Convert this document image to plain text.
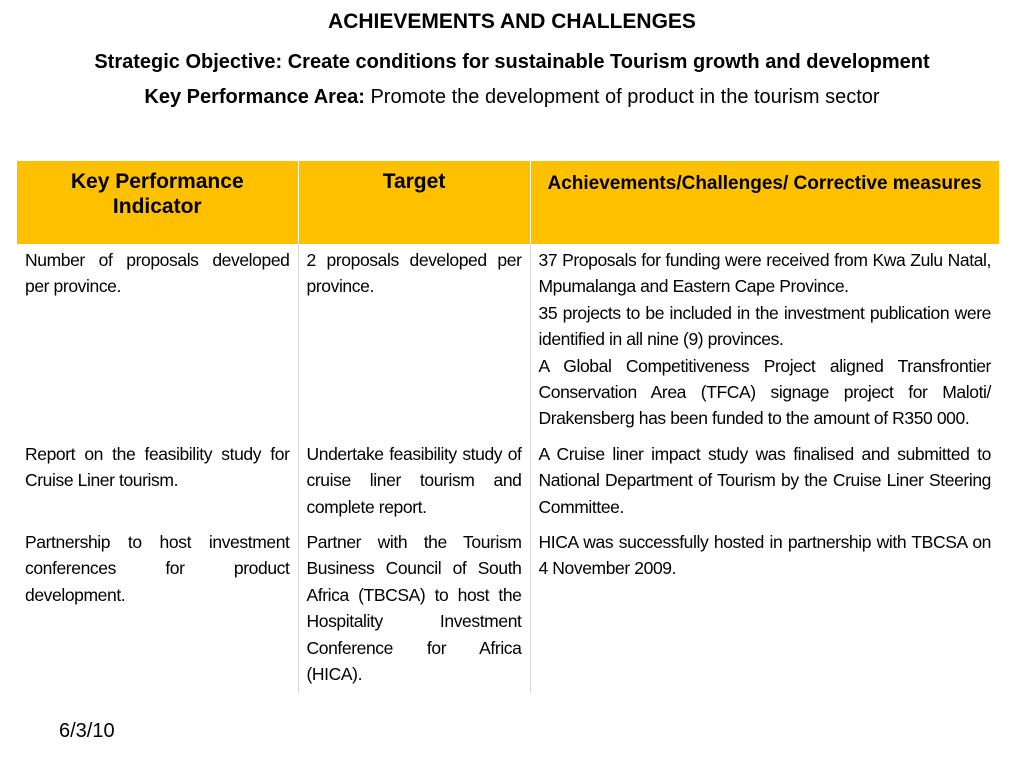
ACHIEVEMENTS AND CHALLENGES
Strategic Objective: Create conditions for sustainable Tourism growth and development
Key Performance Area: Promote the development of product in the tourism sector
Key Performance Indicator	Target	Achievements/Challenges/ Corrective measures
Number of proposals developed per province.	2 proposals developed per province.	37 Proposals for funding were received from Kwa Zulu Natal, Mpumalanga and Eastern Cape Province.

35 projects to be included in the investment publication were identified in all nine (9) provinces.

A Global Competitiveness Project aligned Transfrontier Conservation Area (TFCA) signage project for Maloti/ Drakensberg has been funded to the amount of R350 000.

Report on the feasibility study for Cruise Liner tourism.	Undertake feasibility study of cruise liner tourism and complete report.	A Cruise liner impact study was finalised and submitted to National Department of Tourism by the Cruise Liner Steering Committee.

Partnership to host investment conferences for product development.	Partner with the Tourism Business Council of South Africa (TBCSA) to host the Hospitality Investment Conference for Africa (HICA).	HICA was successfully hosted in partnership with TBCSA on 4 November 2009.

6/3/10
